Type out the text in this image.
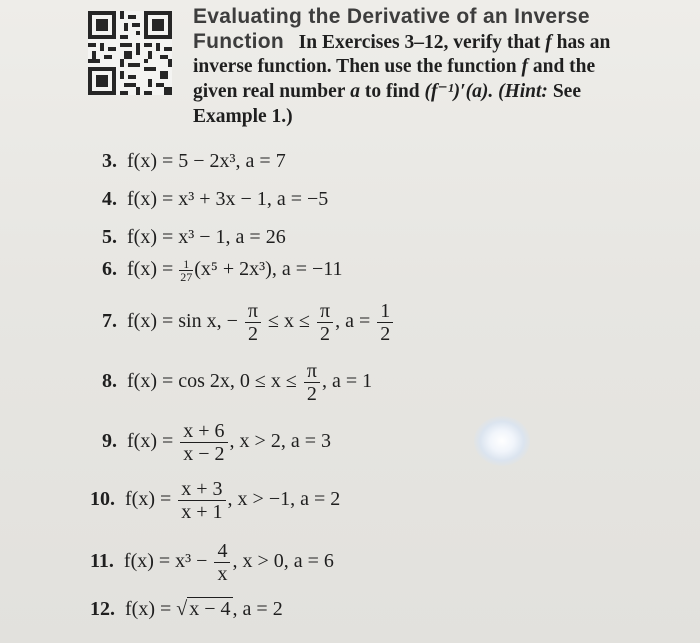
Evaluating the Derivative of an Inverse
Function In Exercises 3–12, verify that f has an
inverse function. Then use the function f and the
given real number a to find (f⁻¹)′(a). (Hint: See
Example 1.)
3. f(x) = 5 − 2x³, a = 7
4. f(x) = x³ + 3x − 1, a = −5
5. f(x) = x³ − 1, a = 26
6. $f(x) = \frac{1}{27} (x^5 + 2x^3)$, a = −11
7. f(x) = sin x, − $\frac{\pi}{2} \le x \le \frac{\pi}{2}$ , $a = \frac{1}{2}$
8. f(x) = cos 2x, $0 \le x \le \frac{\pi}{2}$ , a = 1
9. $f(x) = \frac{x + 6}{x - 2}$ , x > 2, a = 3
10. $f(x) = \frac{x + 3}{x + 1}$ , x > −1, a = 2
11. $f(x) = x^3 - \frac{4}{x}$ , x > 0, a = 6
12. f(x) = √ x − 4 , a = 2
